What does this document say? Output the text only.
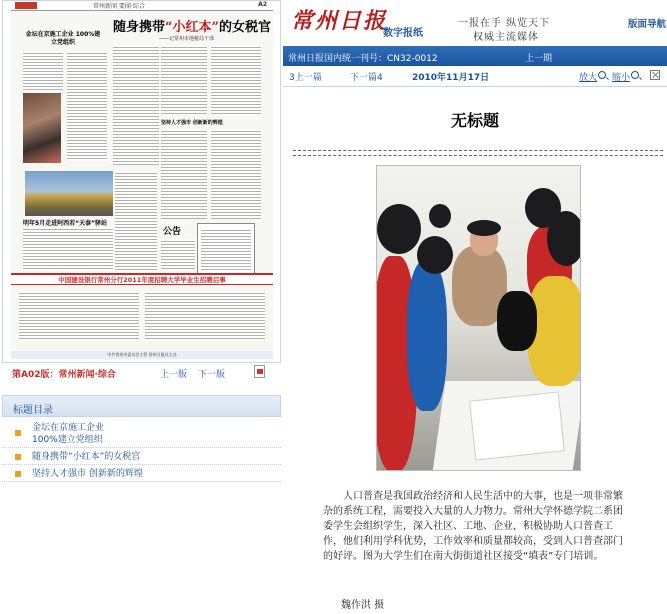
常州新闻 要闻·综合	A2
金坛在京施工企业 100%建立党组织
随身携带“小红本”的女税官
——记常州市地税局干部
坚持人才强市 创新新的辉煌
明年5月走进阿西若“天泰”驿站
公告
中国建设银行常州分行2011年度招聘大学毕业生招聘启事
中共常州市委员会主管 常州日报社主办
第A02版：常州新闻·综合	上一版 下一版
标题目录
金坛在京施工企业
100%建立党组织
随身携带“小红本”的女税官
坚持人才强市 创新新的辉煌
常州日报
数字报纸
一报在手 纵览天下
权威主流媒体
版面导航
常州日报国内统一刊号：CN32-0012	上一期
3上一篇	下一篇4	2010年11月17日	放大 缩小
无标题
人口普查是我国政治经济和人民生活中的大事，也是一项非常繁杂的系统工程，需要投入大量的人力物力。常州大学怀德学院二系团委学生会组织学生，深入社区、工地、企业，积极协助人口普查工作，他们利用学科优势，工作效率和质量都较高，受到人口普查部门的好评。图为大学生们在南大街街道社区接受“填表”专门培训。
魏作洪 摄
